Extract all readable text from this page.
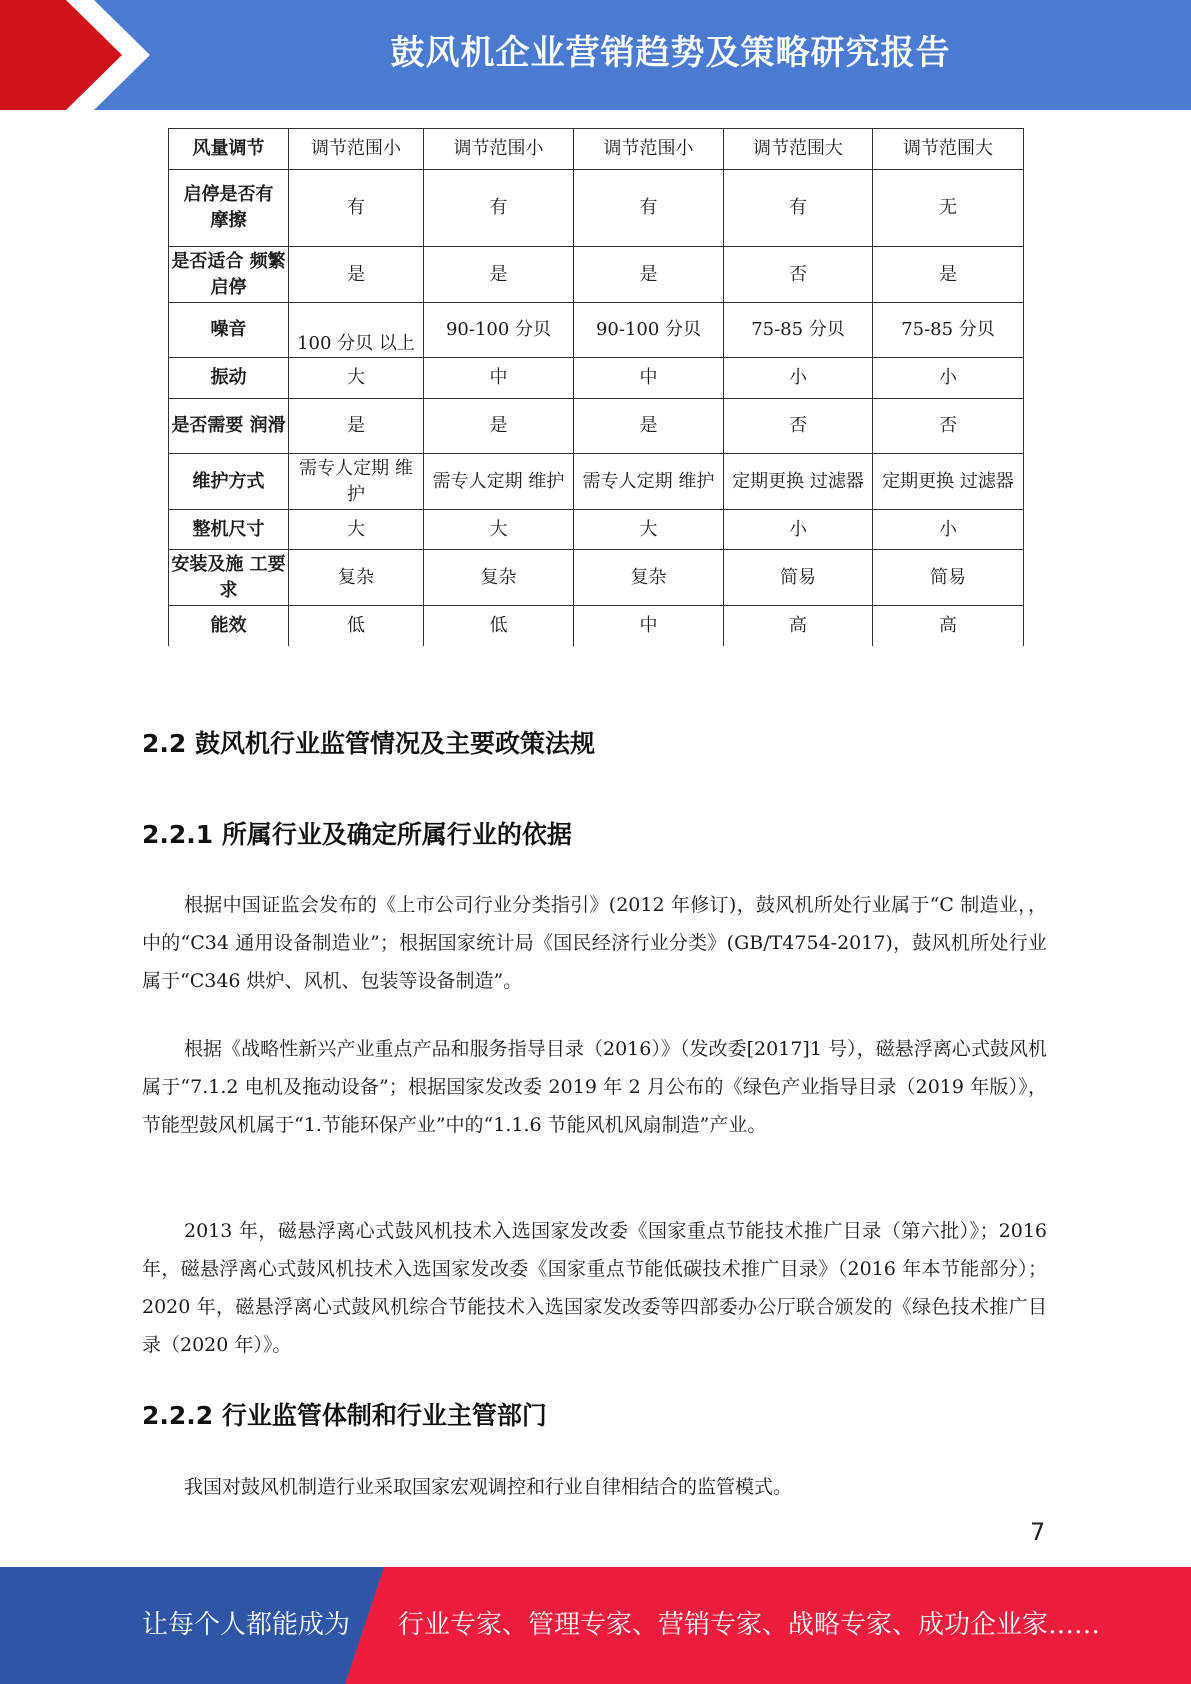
鼓风机企业营销趋势及策略研究报告
风量调节	调节范围小	调节范围小	调节范围小	调节范围大	调节范围大
启停是否有摩擦	有	有	有	有	无
是否适合 频繁启停	是	是	是	否	是
噪音	100 分贝 以上	90-100 分贝	90-100 分贝	75-85 分贝	75-85 分贝
振动	大	中	中	小	小
是否需要 润滑	是	是	是	否	否
维护方式	需专人定期 维护	需专人定期 维护	需专人定期 维护	定期更换 过滤器	定期更换 过滤器
整机尺寸	大	大	大	小	小
安装及施 工要求	复杂	复杂	复杂	简易	简易
能效	低	低	中	高	高
2.2 鼓风机行业监管情况及主要政策法规
2.2.1 所属行业及确定所属行业的依据
根据中国证监会发布的《上市公司行业分类指引》(2012 年修订)，鼓风机所处行业属于“C 制造业，，中的“C34 通用设备制造业”；根据国家统计局《国民经济行业分类》(GB/T4754-2017)，鼓风机所处行业属于“C346 烘炉、风机、包装等设备制造”。
根据《战略性新兴产业重点产品和服务指导目录（2016）》（发改委[2017]1 号），磁悬浮离心式鼓风机属于“7.1.2 电机及拖动设备”；根据国家发改委 2019 年 2 月公布的《绿色产业指导目录（2019 年版）》，节能型鼓风机属于“1.节能环保产业”中的“1.1.6 节能风机风扇制造”产业。
2013 年，磁悬浮离心式鼓风机技术入选国家发改委《国家重点节能技术推广目录（第六批）》；2016 年，磁悬浮离心式鼓风机技术入选国家发改委《国家重点节能低碳技术推广目录》（2016 年本节能部分）；2020 年，磁悬浮离心式鼓风机综合节能技术入选国家发改委等四部委办公厅联合颁发的《绿色技术推广目录（2020 年）》。
2.2.2 行业监管体制和行业主管部门
我国对鼓风机制造行业采取国家宏观调控和行业自律相结合的监管模式。
7
让每个人都能成为 行业专家、管理专家、营销专家、战略专家、成功企业家……
